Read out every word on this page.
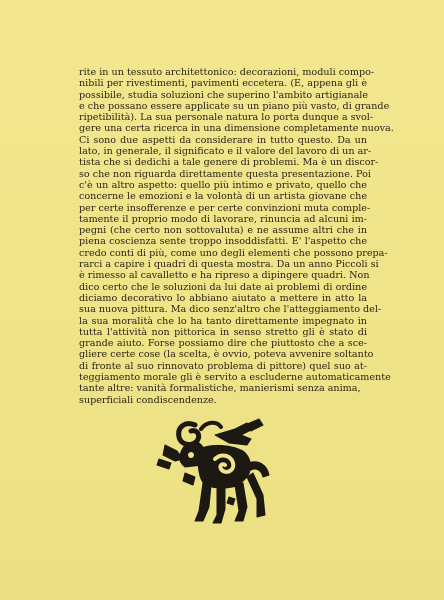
rite in un tessuto architettonico: decorazioni, moduli compo-
nibili per rivestimenti, pavimenti eccetera. (E, appena gli è
possibile, studia soluzioni che superino l'ambito artigianale
e che possano essere applicate su un piano più vasto, di grande
ripetibilità). La sua personale natura lo porta dunque a svol-
gere una certa ricerca in una dimensione completamente nuova.
Ci sono due aspetti da considerare in tutto questo. Da un
lato, in generale, il significato e il valore del lavoro di un ar-
tista che si dedichi a tale genere di problemi. Ma è un discor-
so che non riguarda direttamente questa presentazione. Poi
c'è un altro aspetto: quello più intimo e privato, quello che
concerne le emozioni e la volontà di un artista giovane che
per certe insofferenze e per certe convinzioni muta comple-
tamente il proprio modo di lavorare, rinuncia ad alcuni im-
pegni (che certo non sottovaluta) e ne assume altri che in
piena coscienza sente troppo insoddisfatti. E' l'aspetto che
credo conti di più, come uno degli elementi che possono prepa-
rarci a capire i quadri di questa mostra. Da un anno Piccoli si
è rimesso al cavalletto e ha ripreso a dipingere quadri. Non
dico certo che le soluzioni da lui date ai problemi di ordine
diciamo decorativo lo abbiano aiutato a mettere in atto la
sua nuova pittura. Ma dico senz'altro che l'atteggiamento del-
la sua moralità che lo ha tanto direttamente impegnato in
tutta l'attività non pittorica in senso stretto gli è stato di
grande aiuto. Forse possiamo dire che piuttosto che a sce-
gliere certe cose (la scelta, è ovvio, poteva avvenire soltanto
di fronte al suo rinnovato problema di pittore) quel suo at-
teggiamento morale gli è servito a escluderne automaticamente
tante altre: vanità formalistiche, manierismi senza anima,
superficiali condiscendenze.
